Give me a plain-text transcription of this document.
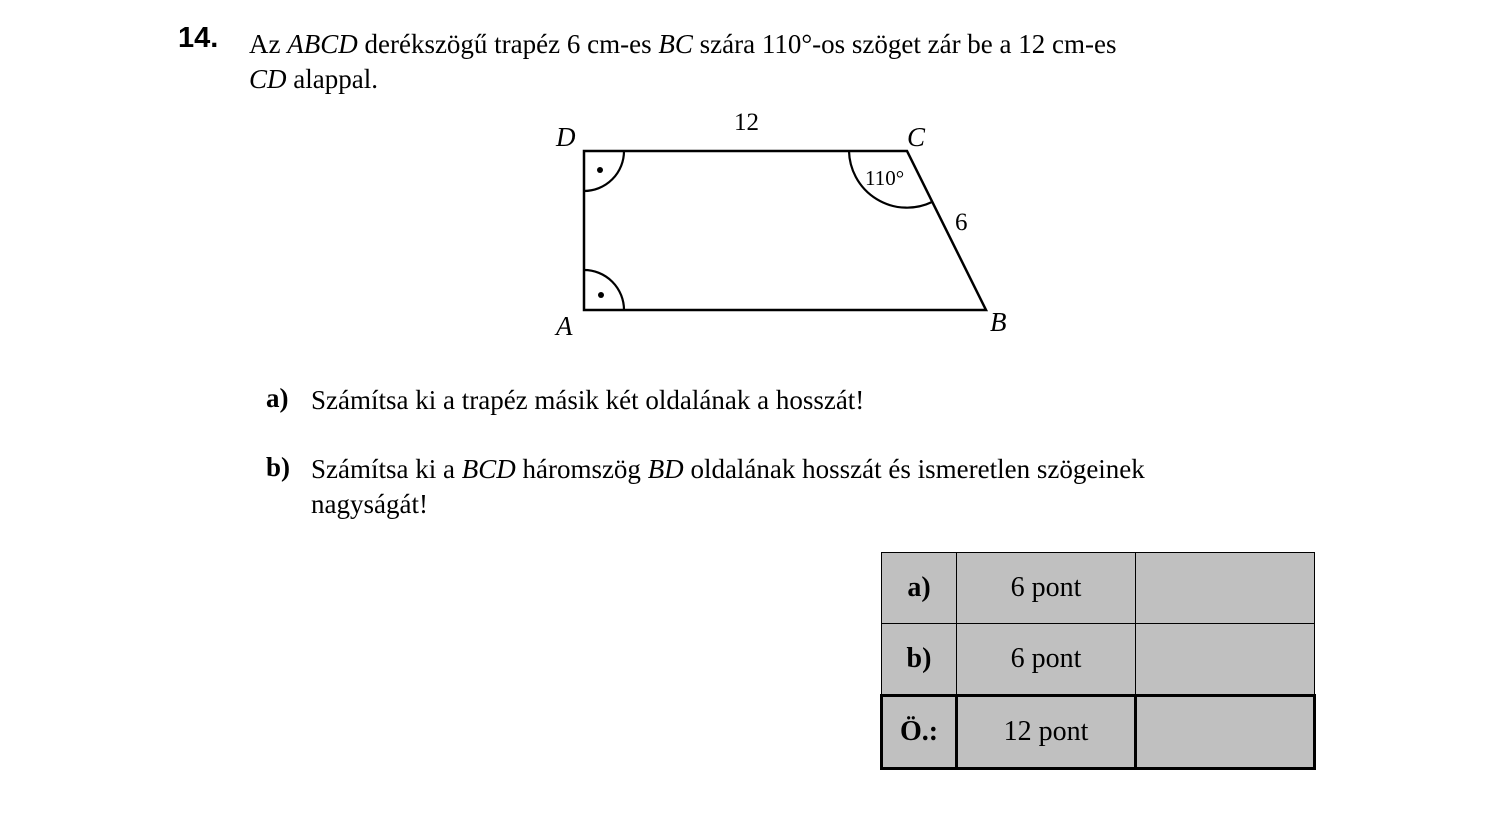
14. Az ABCD derékszögű trapéz 6 cm-es BC szára 110°-os szöget zár be a 12 cm-es
CD alappal.
D	C
A	B
12
6
110°
a) Számítsa ki a trapéz másik két oldalának a hosszát!
b) Számítsa ki a BCD háromszög BD oldalának hosszát és ismeretlen szögeinek
nagyságát!
a)	6 pont	
b)	6 pont	
Ö.:	12 pont	
